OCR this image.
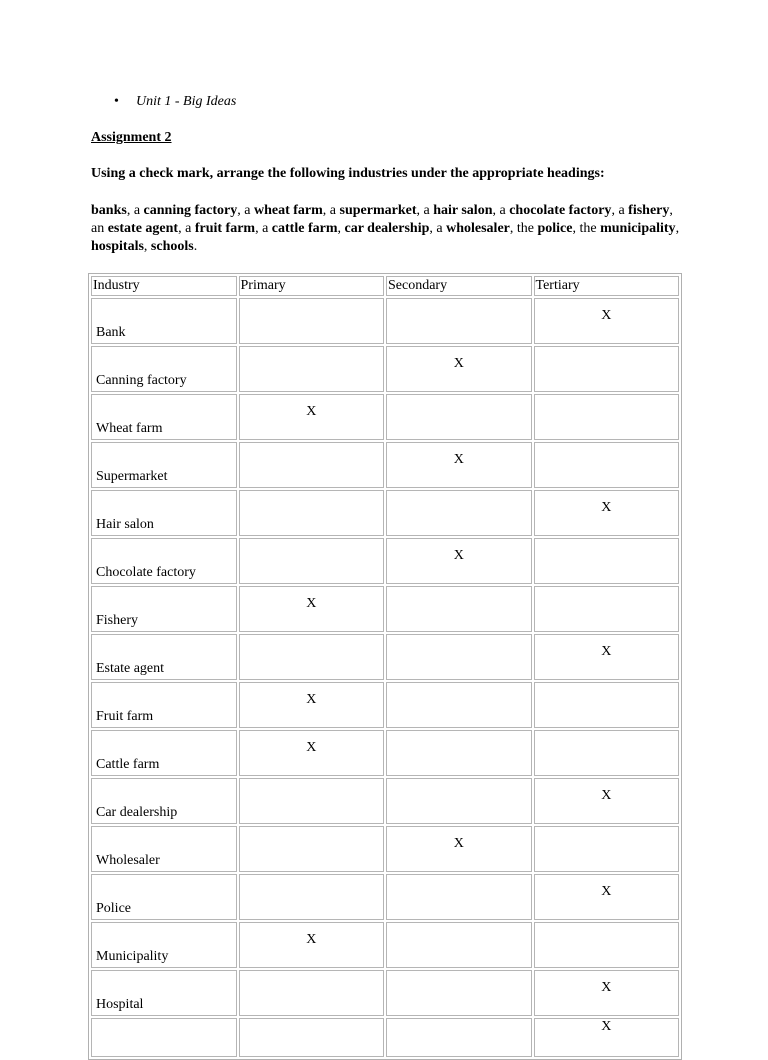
• Unit 1 - Big Ideas
Assignment 2
Using a check mark, arrange the following industries under the appropriate headings:
banks, a canning factory, a wheat farm, a supermarket, a hair salon, a chocolate factory, a fishery, an estate agent, a fruit farm, a cattle farm, car dealership, a wholesaler, the police, the municipality, hospitals, schools.
Industry	Primary	Secondary	Tertiary
Bank			X
Canning factory		X	
Wheat farm	X		
Supermarket		X	
Hair salon			X
Chocolate factory		X	
Fishery	X		
Estate agent			X
Fruit farm	X		
Cattle farm	X		
Car dealership			X
Wholesaler		X	
Police			X
Municipality	X		
Hospital			X
			X
